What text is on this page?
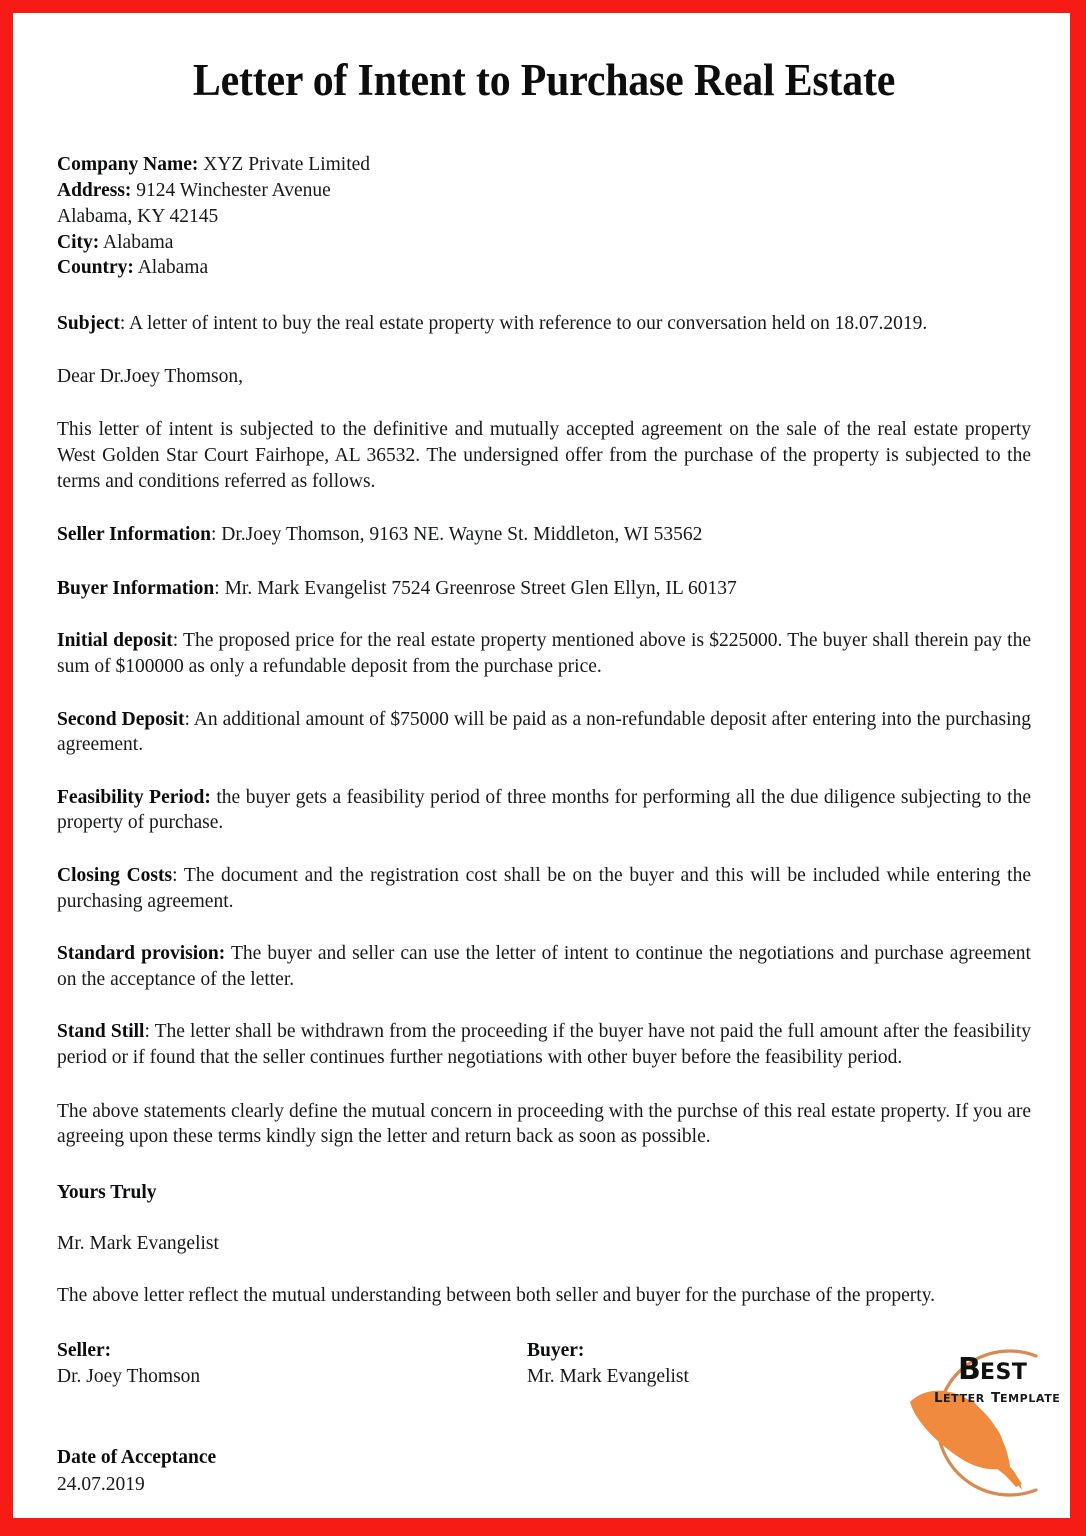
Letter of Intent to Purchase Real Estate
Company Name: XYZ Private Limited
Address: 9124 Winchester Avenue
Alabama, KY 42145
City: Alabama
Country: Alabama

Subject: A letter of intent to buy the real estate property with reference to our conversation held on 18.07.2019.

Dear Dr.Joey Thomson,

This letter of intent is subjected to the definitive and mutually accepted agreement on the sale of the real estate property West Golden Star Court Fairhope, AL 36532. The undersigned offer from the purchase of the property is subjected to the terms and conditions referred as follows.

Seller Information: Dr.Joey Thomson, 9163 NE. Wayne St. Middleton, WI 53562

Buyer Information: Mr. Mark Evangelist 7524 Greenrose Street Glen Ellyn, IL 60137

Initial deposit: The proposed price for the real estate property mentioned above is $225000. The buyer shall therein pay the sum of $100000 as only a refundable deposit from the purchase price.

Second Deposit: An additional amount of $75000 will be paid as a non-refundable deposit after entering into the purchasing agreement.

Feasibility Period: the buyer gets a feasibility period of three months for performing all the due diligence subjecting to the property of purchase.

Closing Costs: The document and the registration cost shall be on the buyer and this will be included while entering the purchasing agreement.

Standard provision: The buyer and seller can use the letter of intent to continue the negotiations and purchase agreement on the acceptance of the letter.

Stand Still: The letter shall be withdrawn from the proceeding if the buyer have not paid the full amount after the feasibility period or if found that the seller continues further negotiations with other buyer before the feasibility period.

The above statements clearly define the mutual concern in proceeding with the purchse of this real estate property. If you are agreeing upon these terms kindly sign the letter and return back as soon as possible.

Yours Truly
Mr. Mark Evangelist

The above letter reflect the mutual understanding between both seller and buyer for the purchase of the property.

Seller:
Dr. Joey Thomson
Buyer:
Mr. Mark Evangelist
Date of Acceptance
24.07.2019
B EST
L ETTER T EMPLATE
